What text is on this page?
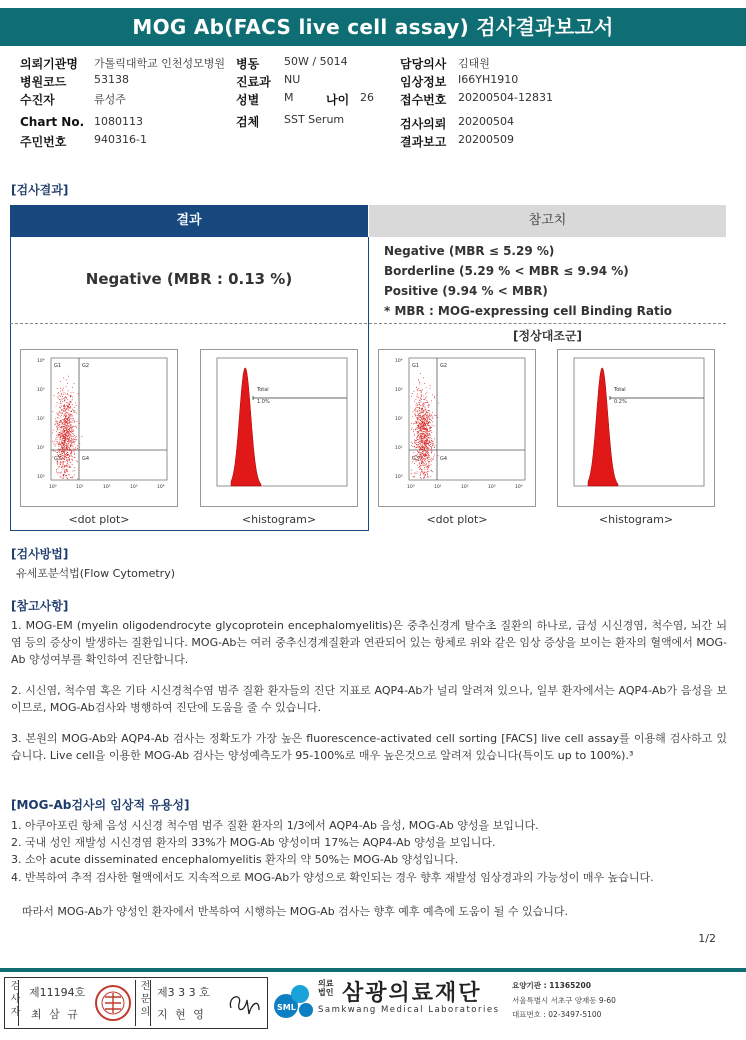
MOG Ab(FACS live cell assay) 검사결과보고서
의뢰기관명 가톨릭대학교 인천성모병원 병동 50W / 5014	담당의사 김태원
병원코드	53138	진료과 NU	임상정보 I66YH1910
수진자	류성주	성별 M	나이 26 접수번호 20200504-12831
Chart No. 1080113	검체 SST Serum	검사의뢰 20200504
주민번호	940316-1	결과보고 20200509
[검사결과]
결과	참고치
Negative (MBR : 0.13 %)
Negative (MBR ≤ 5.29 %)
Borderline (5.29 % < MBR ≤ 9.94 %)
Positive (9.94 % < MBR)
* MBR : MOG-expressing cell Binding Ratio
[정상대조군]
G1	G2
G3	G4
10⁴
10³
10²
10¹
10⁰
10⁰	10¹	10²	10³	10⁴
<dot plot>
Total
1.0%
<histogram>
G1	G2
G3	G4
10⁴
10³
10²
10¹
10⁰
10⁰	10¹	10²	10³	10⁴
<dot plot>
Total
0.2%
<histogram>
[검사방법]
유세포분석법(Flow Cytometry)
[참고사항]
1. MOG-EM (myelin oligodendrocyte glycoprotein encephalomyelitis)은 중추신경계 탈수초 질환의 하나로, 급성 시신경염, 척수염, 뇌간 뇌염 등의 증상이 발생하는 질환입니다. MOG-Ab는 여러 중추신경계질환과 연관되어 있는 항체로 위와 같은 임상 증상을 보이는 환자의 혈액에서 MOG-Ab 양성여부를 확인하여 진단합니다.
2. 시신염, 척수염 혹은 기타 시신경척수염 범주 질환 환자들의 진단 지표로 AQP4-Ab가 널리 알려져 있으나, 일부 환자에서는 AQP4-Ab가 음성을 보이므로, MOG-Ab검사와 병행하여 진단에 도움을 줄 수 있습니다.
3. 본원의 MOG-Ab와 AQP4-Ab 검사는 정확도가 가장 높은 fluorescence-activated cell sorting [FACS] live cell assay를 이용해 검사하고 있습니다. Live cell을 이용한 MOG-Ab 검사는 양성예측도가 95-100%로 매우 높은것으로 알려져 있습니다(특이도 up to 100%).³
[MOG-Ab검사의 임상적 유용성]
1. 아쿠아포린 항체 음성 시신경 척수염 범주 질환 환자의 1/3에서 AQP4-Ab 음성, MOG-Ab 양성을 보입니다.
2. 국내 성인 재발성 시신경염 환자의 33%가 MOG-Ab 양성이며 17%는 AQP4-Ab 양성을 보입니다.
3. 소아 acute disseminated encephalomyelitis 환자의 약 50%는 MOG-Ab 양성입니다.
4. 반복하여 추적 검사한 혈액에서도 지속적으로 MOG-Ab가 양성으로 확인되는 경우 향후 재발성 임상경과의 가능성이 매우 높습니다.
따라서 MOG-Ab가 양성인 환자에서 반복하여 시행하는 MOG-Ab 검사는 향후 예후 예측에 도움이 될 수 있습니다.
1/2
검사자 제11194호
최 삼 규	전문의 제3 3 3 호
지 현 영
SML
의료법인 삼광의료재단
Samkwang Medical Laboratories
요양기관 : 11365200
서울특별시 서초구 양재동 9-60
대표번호 : 02-3497-5100
